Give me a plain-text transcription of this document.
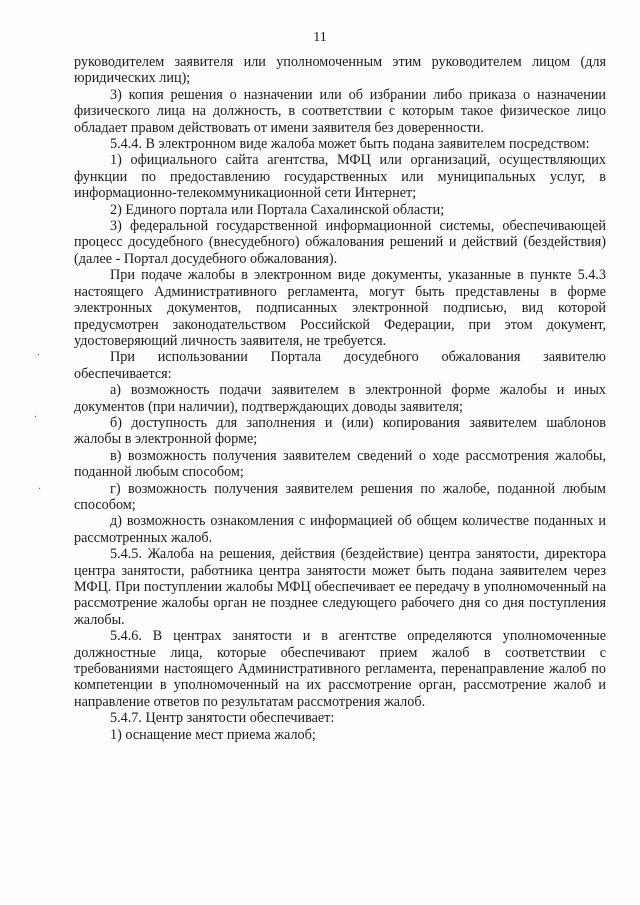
11

руководителем заявителя или уполномоченным этим руководителем лицом (для юридических лиц);

3) копия решения о назначении или об избрании либо приказа о назначении физического лица на должность, в соответствии с которым такое физическое лицо обладает правом действовать от имени заявителя без доверенности.

5.4.4. В электронном виде жалоба может быть подана заявителем посредством:

1) официального сайта агентства, МФЦ или организаций, осуществляющих функции по предоставлению государственных или муниципальных услуг, в информационно-телекоммуникационной сети Интернет;

2) Единого портала или Портала Сахалинской области;

3) федеральной государственной информационной системы, обеспечивающей процесс досудебного (внесудебного) обжалования решений и действий (бездействия) (далее - Портал досудебного обжалования).

При подаче жалобы в электронном виде документы, указанные в пункте 5.4.3 настоящего Административного регламента, могут быть представлены в форме электронных документов, подписанных электронной подписью, вид которой предусмотрен законодательством Российской Федерации, при этом документ, удостоверяющий личность заявителя, не требуется.

При использовании Портала досудебного обжалования заявителю обеспечивается:

а) возможность подачи заявителем в электронной форме жалобы и иных документов (при наличии), подтверждающих доводы заявителя;

б) доступность для заполнения и (или) копирования заявителем шаблонов жалобы в электронной форме;

в) возможность получения заявителем сведений о ходе рассмотрения жалобы, поданной любым способом;

г) возможность получения заявителем решения по жалобе, поданной любым способом;

д) возможность ознакомления с информацией об общем количестве поданных и рассмотренных жалоб.

5.4.5. Жалоба на решения, действия (бездействие) центра занятости, директора центра занятости, работника центра занятости может быть подана заявителем через МФЦ. При поступлении жалобы МФЦ обеспечивает ее передачу в уполномоченный на рассмотрение жалобы орган не позднее следующего рабочего дня со дня поступления жалобы.

5.4.6. В центрах занятости и в агентстве определяются уполномоченные должностные лица, которые обеспечивают прием жалоб в соответствии с требованиями настоящего Административного регламента, перенаправление жалоб по компетенции в уполномоченный на их рассмотрение орган, рассмотрение жалоб и направление ответов по результатам рассмотрения жалоб.

5.4.7. Центр занятости обеспечивает:

1) оснащение мест приема жалоб;

·
·
·
